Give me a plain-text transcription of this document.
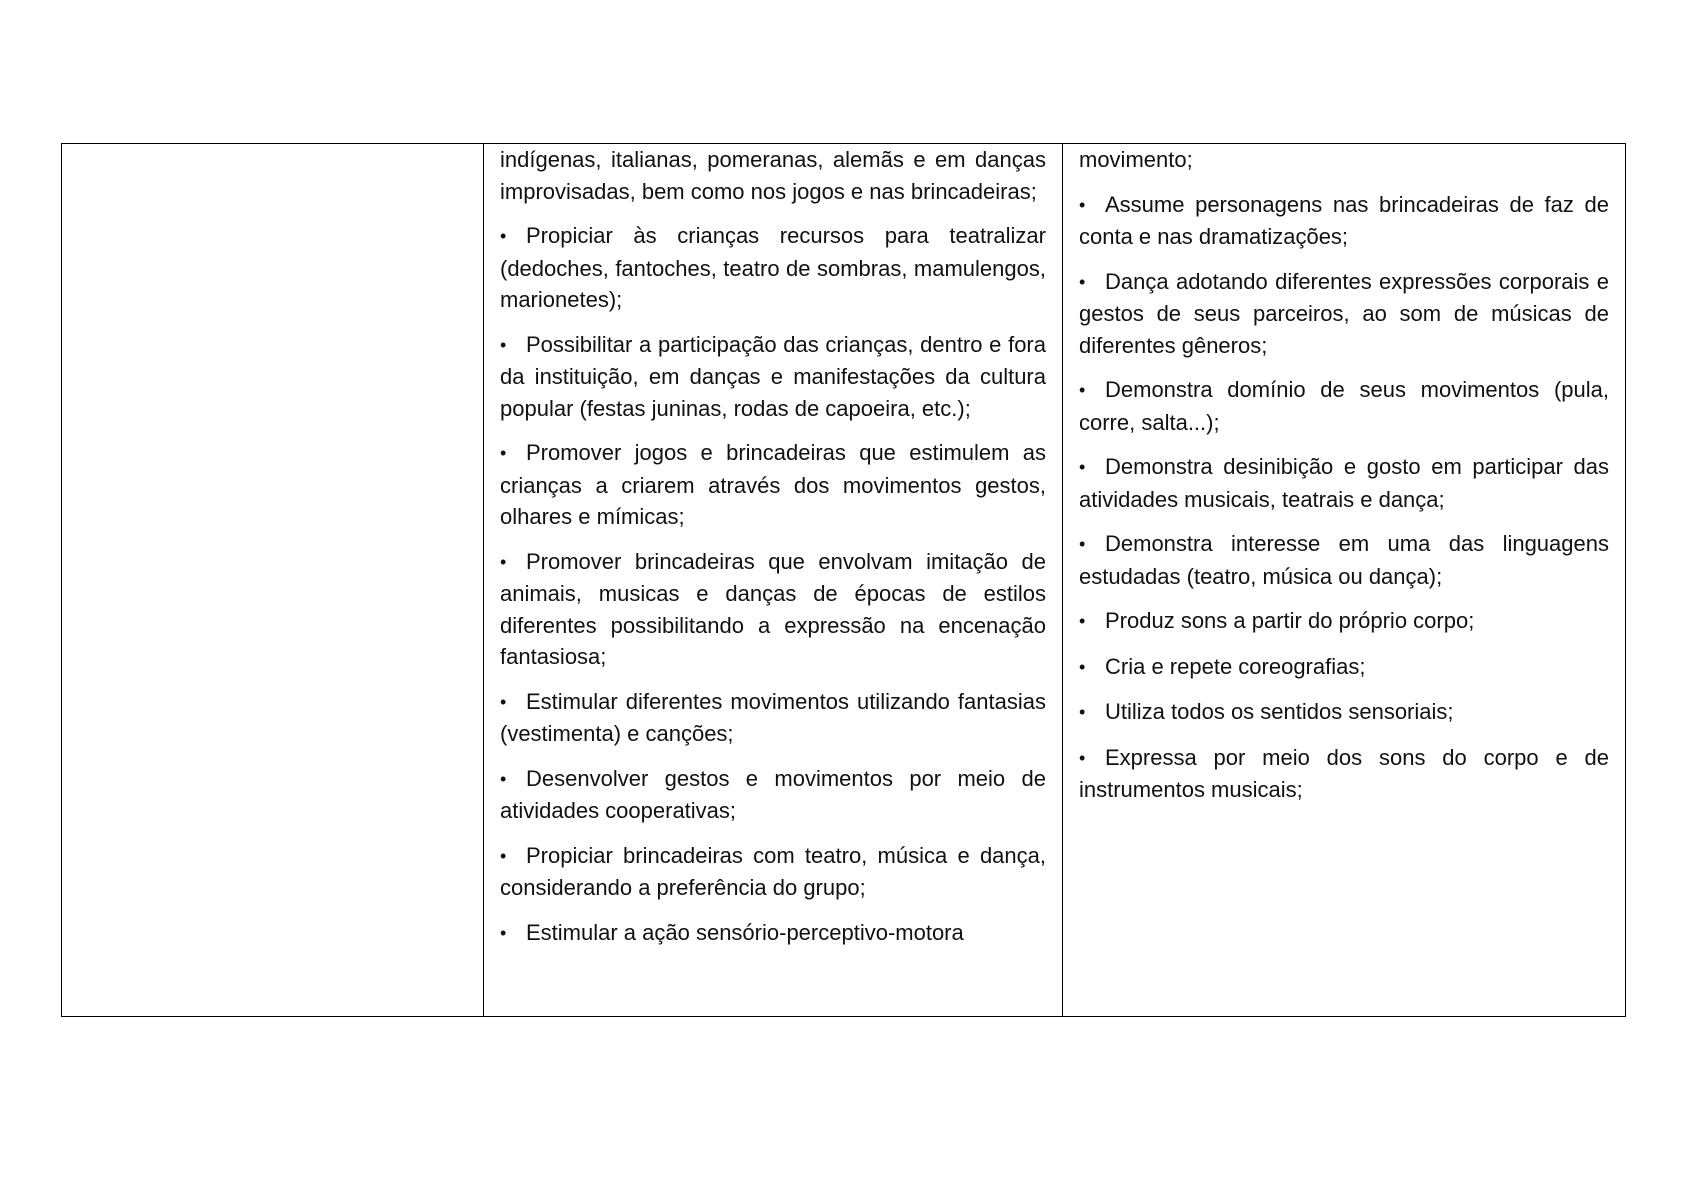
indígenas, italianas, pomeranas, alemãs e em danças improvisadas, bem como nos jogos e nas brincadeiras;
• Propiciar às crianças recursos para teatralizar (dedoches, fantoches, teatro de sombras, mamulengos, marionetes);
• Possibilitar a participação das crianças, dentro e fora da instituição, em danças e manifestações da cultura popular (festas juninas, rodas de capoeira, etc.);
• Promover jogos e brincadeiras que estimulem as crianças a criarem através dos movimentos gestos, olhares e mímicas;
• Promover brincadeiras que envolvam imitação de animais, musicas e danças de épocas de estilos diferentes possibilitando a expressão na encenação fantasiosa;
• Estimular diferentes movimentos utilizando fantasias (vestimenta) e canções;
• Desenvolver gestos e movimentos por meio de atividades cooperativas;
• Propiciar brincadeiras com teatro, música e dança, considerando a preferência do grupo;
• Estimular a ação sensório-perceptivo-motora
movimento;
• Assume personagens nas brincadeiras de faz de conta e nas dramatizações;
• Dança adotando diferentes expressões corporais e gestos de seus parceiros, ao som de músicas de diferentes gêneros;
• Demonstra domínio de seus movimentos (pula, corre, salta...);
• Demonstra desinibição e gosto em participar das atividades musicais, teatrais e dança;
• Demonstra interesse em uma das linguagens estudadas (teatro, música ou dança);
• Produz sons a partir do próprio corpo;
• Cria e repete coreografias;
• Utiliza todos os sentidos sensoriais;
• Expressa por meio dos sons do corpo e de instrumentos musicais;
